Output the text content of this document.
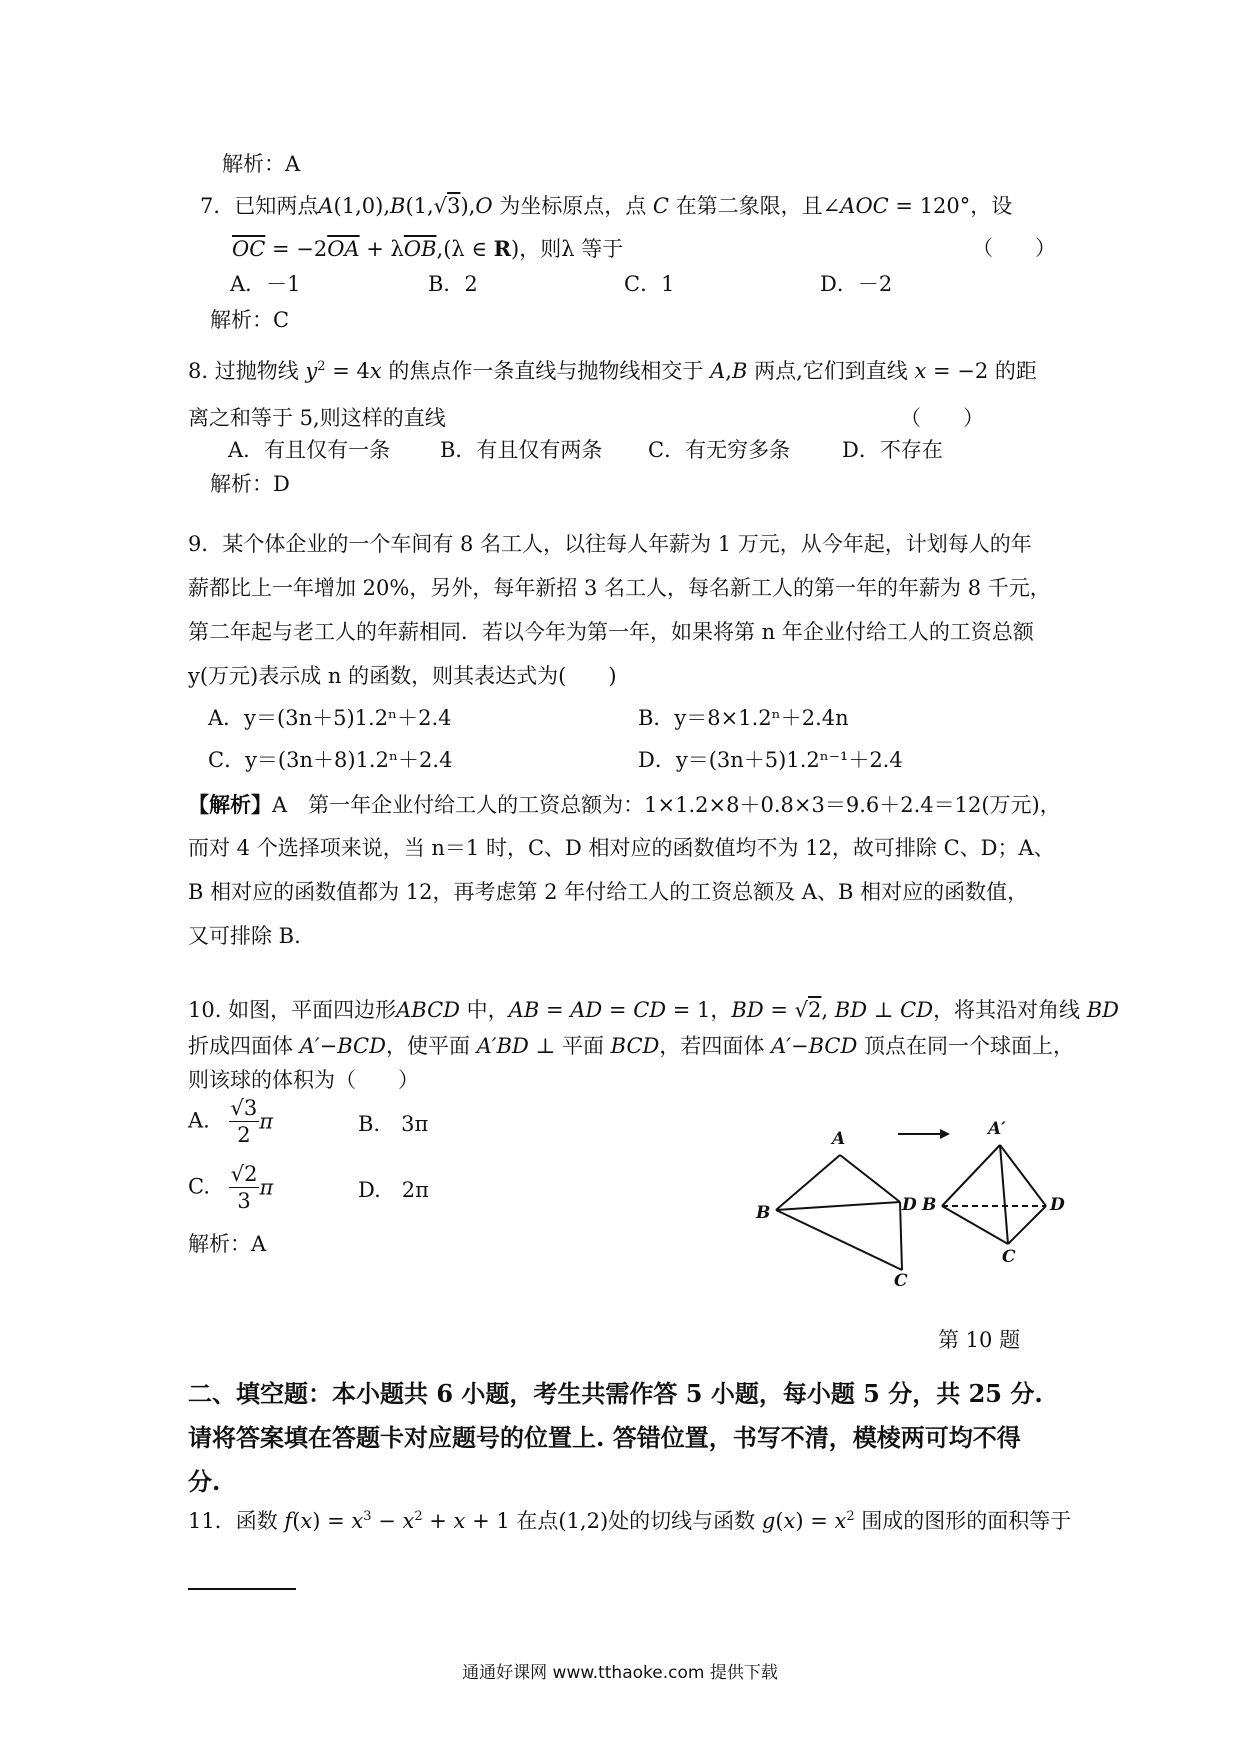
解析：A
7．已知两点A(1,0),B(1,√3),O 为坐标原点，点 C 在第二象限，且∠AOC = 120°，设
$\overline{OC} = -2\overline{OA} + \lambda\overline{OB},(\lambda$ ∈ R)，则λ 等于	（　　）
A．－1	B．2	C．1	D．－2
解析：C
8. 过抛物线 $y^2 = 4x$ 的焦点作一条直线与抛物线相交于 A,B 两点,它们到直线 x = −2 的距
离之和等于 5,则这样的直线	（　　）
A．有且仅有一条 B．有且仅有两条 C．有无穷多条 D．不存在
解析：D
9．某个体企业的一个车间有 8 名工人，以往每人年薪为 1 万元，从今年起，计划每人的年
薪都比上一年增加 20%，另外，每年新招 3 名工人，每名新工人的第一年的年薪为 8 千元，
第二年起与老工人的年薪相同．若以今年为第一年，如果将第 n 年企业付给工人的工资总额
y(万元)表示成 n 的函数，则其表达式为(　　)
A．y＝(3n＋5)1.2ⁿ＋2.4	B．y＝8×1.2ⁿ＋2.4n
C．y＝(3n＋8)1.2ⁿ＋2.4	D．y＝(3n＋5)1.2ⁿ⁻¹＋2.4
【解析】A　第一年企业付给工人的工资总额为：1×1.2×8＋0.8×3＝9.6＋2.4＝12(万元)，
而对 4 个选择项来说，当 n＝1 时，C、D 相对应的函数值均不为 12，故可排除 C、D；A、
B 相对应的函数值都为 12，再考虑第 2 年付给工人的工资总额及 A、B 相对应的函数值，
又可排除 B.
10. 如图，平面四边形ABCD 中，AB = AD = CD = 1，BD = √2, BD ⊥ CD，将其沿对角线 BD
折成四面体 A′−BCD，使平面 A′BD ⊥ 平面 BCD，若四面体 A′−BCD 顶点在同一个球面上，
则该球的体积为（　　）
A. $\frac{√3}{2}$ π	B.　3π
C. $\frac{√2}{3}$ π	D.　2π
解析：A
A
B
C
D
A′
B
C
D
第 10 题
二、填空题：本小题共 6 小题，考生共需作答 5 小题，每小题 5 分，共 25 分.
请将答案填在答题卡对应题号的位置上. 答错位置，书写不清，模棱两可均不得
分.
11．函数 $f(x) = x^3 - x^2 + x + 1$ 在点(1,2)处的切线与函数 $g(x) = x^2$ 围成的图形的面积等于
通通好课网 www.tthaoke.com 提供下载
